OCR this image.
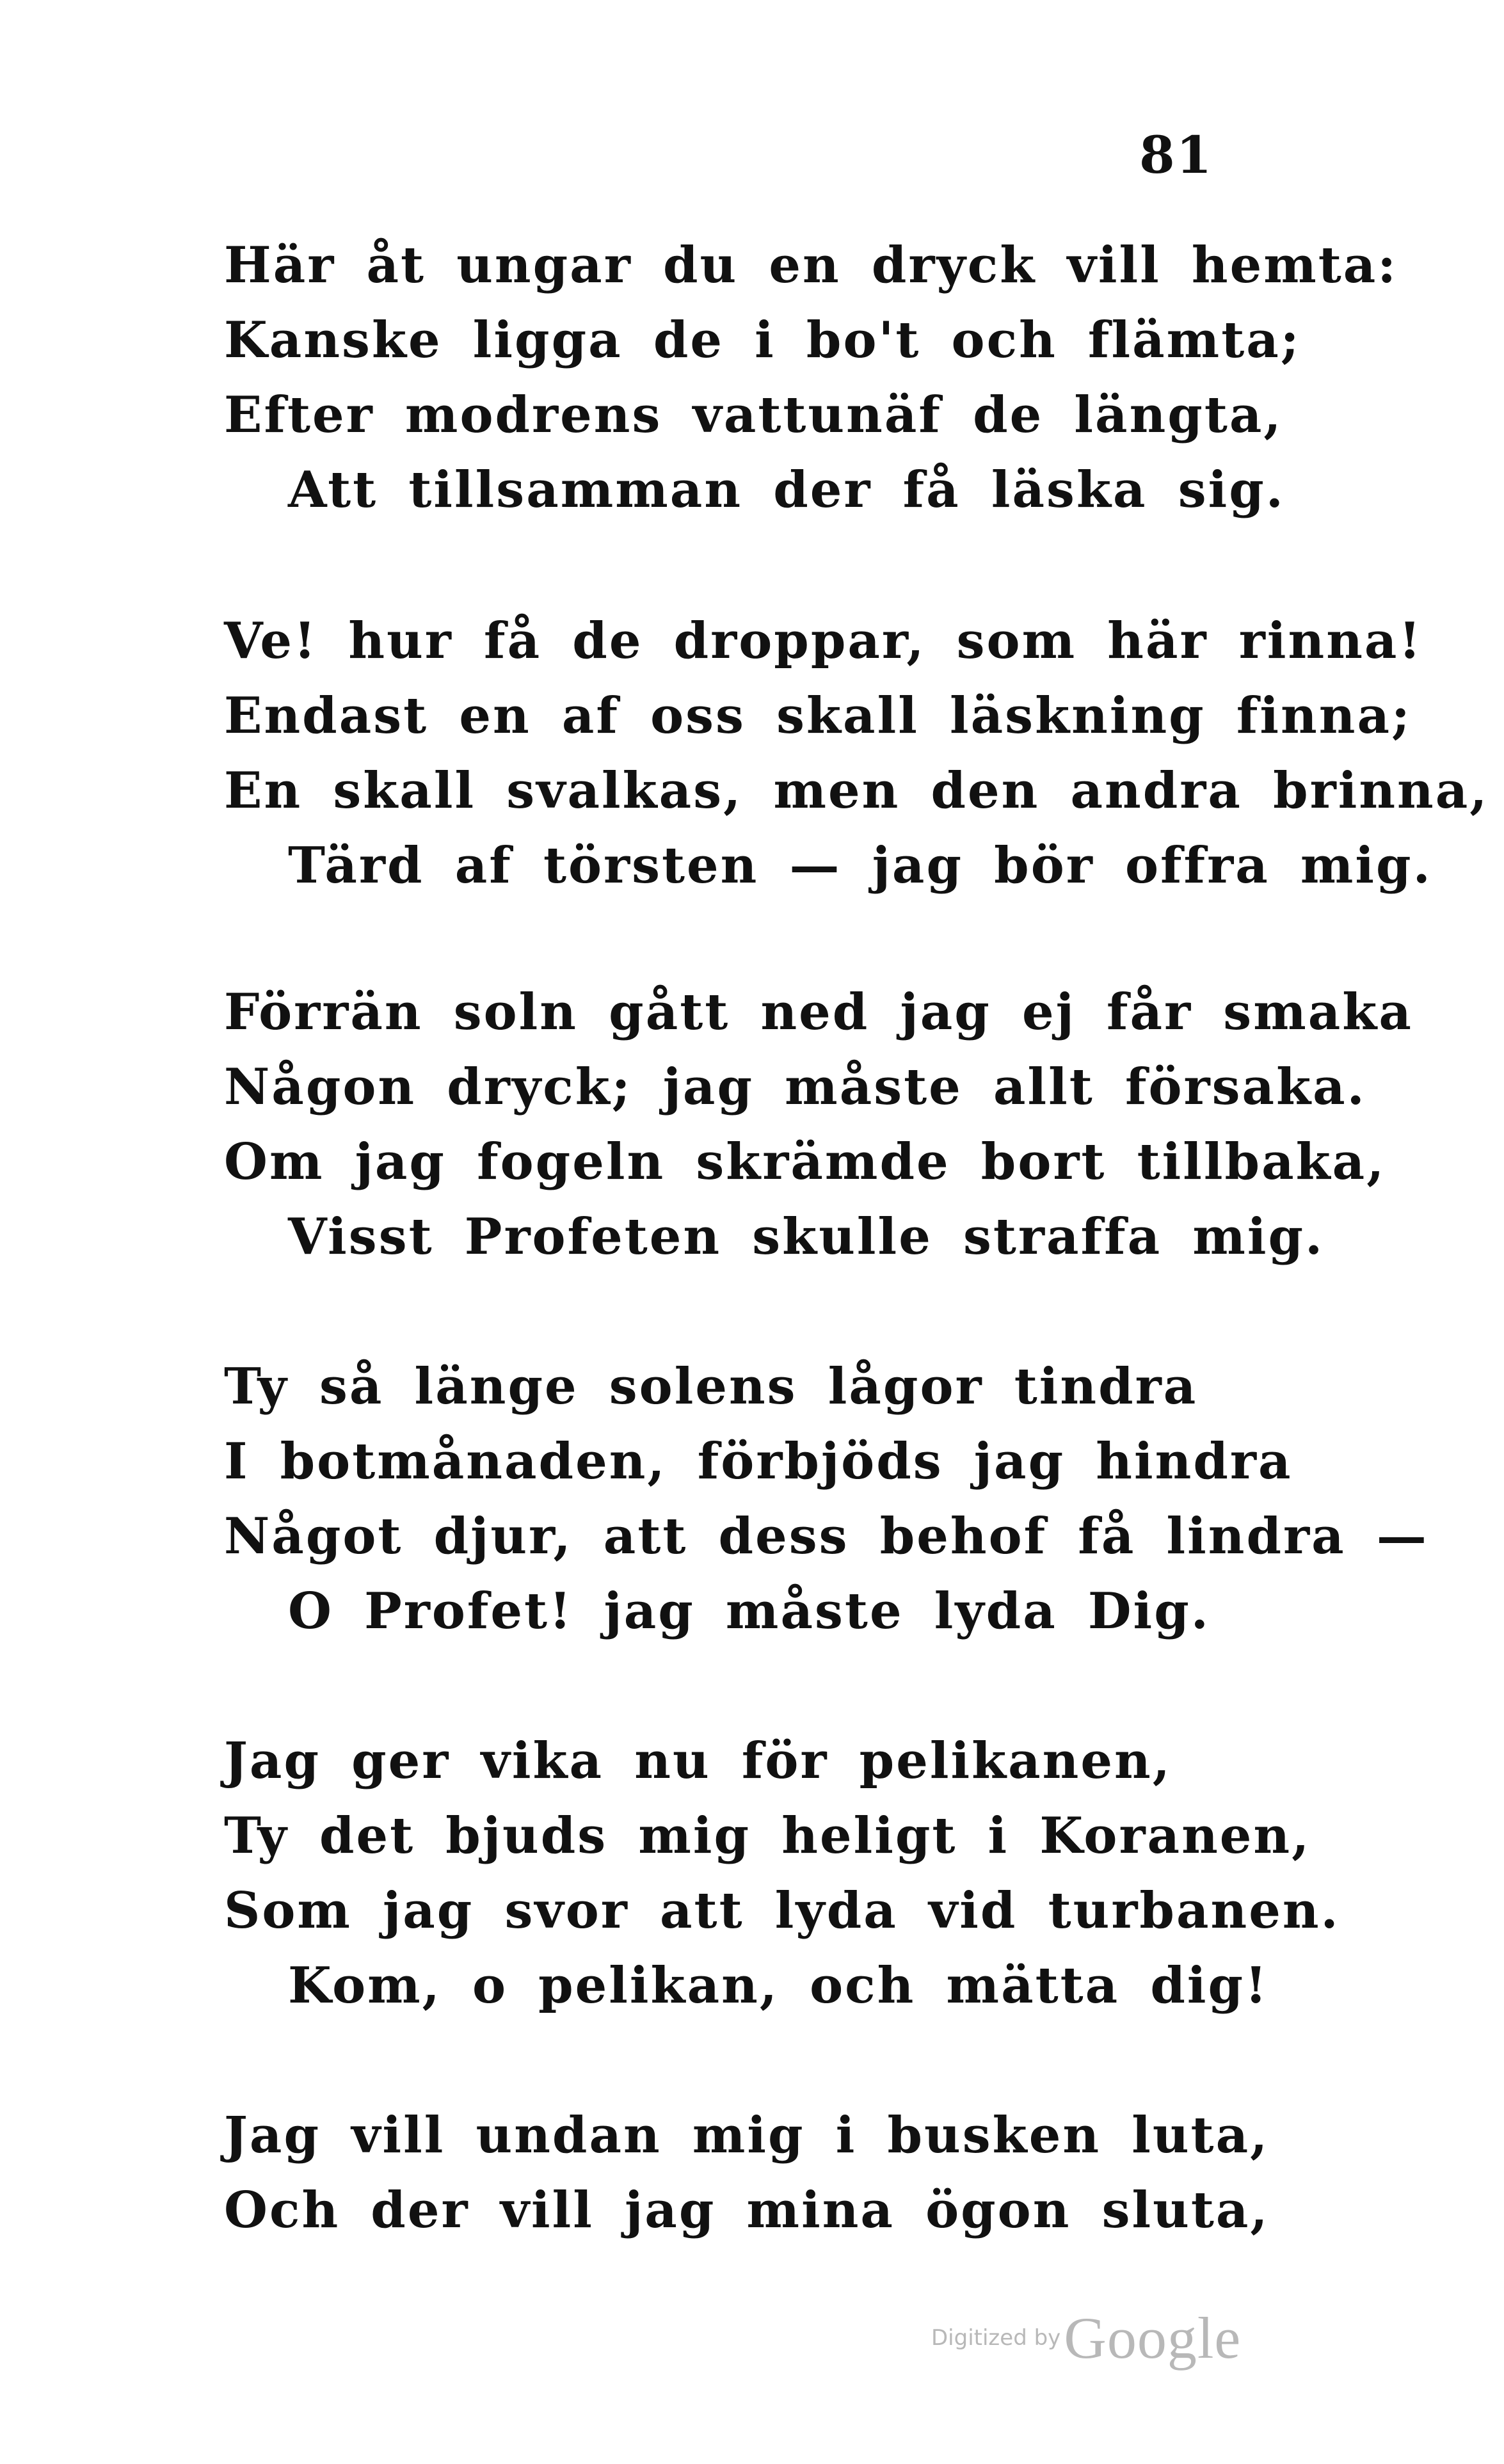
81
Här åt ungar du en dryck vill hemta:
Kanske ligga de i bo't och flämta;
Efter modrens vattunäf de längta,
Att tillsamman der få läska sig.
Ve! hur få de droppar, som här rinna!
Endast en af oss skall läskning finna;
En skall svalkas, men den andra brinna,
Tärd af törsten — jag bör offra mig.
Förrän soln gått ned jag ej får smaka
Någon dryck; jag måste allt försaka.
Om jag fogeln skrämde bort tillbaka,
Visst Profeten skulle straffa mig.
Ty så länge solens lågor tindra
I botmånaden, förbjöds jag hindra
Något djur, att dess behof få lindra —
O Profet! jag måste lyda Dig.
Jag ger vika nu för pelikanen,
Ty det bjuds mig heligt i Koranen,
Som jag svor att lyda vid turbanen.
Kom, o pelikan, och mätta dig!
Jag vill undan mig i busken luta,
Och der vill jag mina ögon sluta,
Digitized by Google
